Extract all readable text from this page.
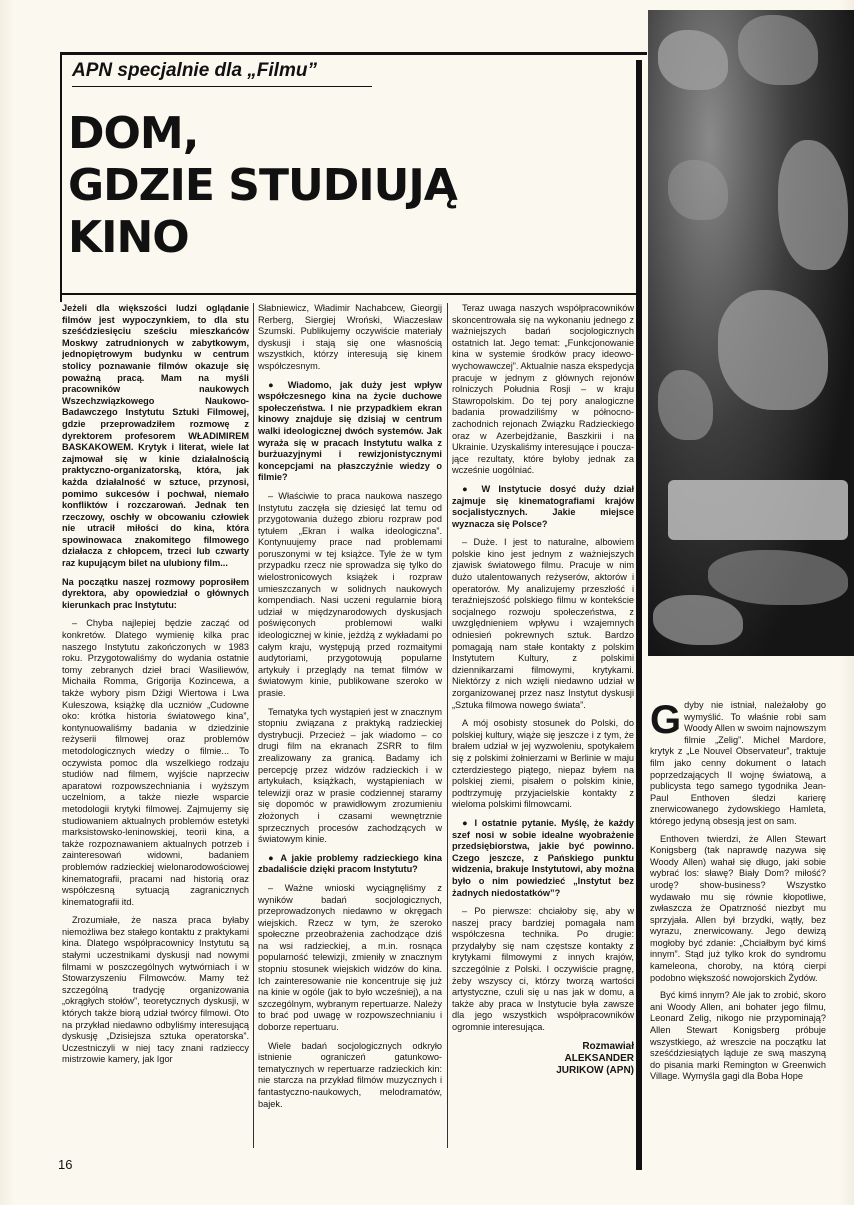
APN specjalnie dla „Filmu”
DOM,
GDZIE STUDIUJĄ
KINO

Jeżeli dla większości ludzi oglądanie filmów jest wypoczynkiem, to dla stu sześćdziesięciu sześciu mieszkańców Moskwy zatrudnionych w zabytkowym, jednopiętrowym budynku w centrum stolicy poznawanie filmów okazuje się poważną pracą. Mam na myśli pracowników naukowych Wszechzwiązkowego Naukowo-Badawczego Instytutu Sztuki Filmowej, gdzie przeprowadziłem rozmowę z dyrektorem profesorem WŁADIMIREM BASKAKOWEM. Krytyk i literat, wiele lat zajmował się w kinie działalnością praktyczno-organizatorską, która, jak każda działalność w sztuce, przynosi, pomimo sukcesów i pochwał, niemało konfliktów i rozczarowań. Jednak ten rzeczowy, oschły w obcowaniu człowiek nie utracił miłości do kina, która spowinowaca znakomitego filmowego działacza z chłopcem, trzeci lub czwarty raz kupującym bilet na ulubiony film...

Na początku naszej rozmowy poprosiłem dyrektora, aby opowiedział o głównych kierunkach prac Instytutu:

– Chyba najlepiej będzie zacząć od konkretów. Dlatego wymienię kilka prac naszego Instytutu zakończonych w 1983 roku. Przygotowaliśmy do wydania ostatnie tomy zebranych dzieł braci Wasiliewów, Michaiła Romma, Grigorija Kozincewa, a także wybory pism Dżigi Wiertowa i Lwa Kuleszowa, książkę dla uczniów „Cudowne oko: krótka historia światowego kina”, kontynuowaliśmy badania w dziedzinie reżyserii filmowej oraz problemów metodologicznych wiedzy o filmie... To oczywista pomoc dla wszelkiego rodzaju studiów nad filmem, wyjście naprzeciw aparatowi rozpowszechniania i wyższym uczelniom, a także niezłe wsparcie metodologii krytyki filmowej. Zajmujemy się studiowaniem aktualnych problemów estetyki marksistowsko-leninowskiej, teorii kina, a także rozpoznawaniem aktualnych potrzeb i zainteresowań widowni, badaniem problemów radzieckiej wielonarodowościowej kinematografii, pracami nad historią oraz współczesną sytuacją zagranicznych kinematografii itd.

Zrozumiałe, że nasza praca byłaby niemożliwa bez stałego kontaktu z praktykami kina. Dlatego współpracownicy Instytutu są stałymi uczestnikami dyskusji nad nowymi filmami w poszczególnych wytwórniach i w Stowarzyszeniu Filmowców. Mamy też szczególną tradycję organizowania „okrągłych stołów”, teoretycznych dyskusji, w których także biorą udział twórcy filmowi. Oto na przykład niedawno odbyliśmy interesującą dyskusję „Dzisiejsza sztuka operatorska”. Uczestniczyli w niej tacy znani radzieccy mistrzowie kamery, jak Igor

Słabniewicz, Władimir Nachabcew, Gieorgij Rerberg, Siergiej Wroński, Wiaczesław Szumski. Publikujemy oczywiście materiały dyskusji i stają się one własnością wszystkich, którzy interesują się kinem współczesnym.

● Wiadomo, jak duży jest wpływ współczesnego kina na życie duchowe społeczeństwa. I nie przypadkiem ekran kinowy znajduje się dzisiaj w centrum walki ideologicznej dwóch systemów. Jak wyraża się w pracach Instytutu walka z burżuazyjnymi i rewizjonistycznymi koncepcjami na płaszczyźnie wiedzy o filmie?

– Właściwie to praca naukowa naszego Instytutu zaczęła się dziesięć lat temu od przygotowania dużego zbioru rozpraw pod tytułem „Ekran i walka ideologiczna”. Kontynuujemy prace nad problemami poruszonymi w tej książce. Tyle że w tym przypadku rzecz nie sprowadza się tylko do wielostronicowych książek i rozpraw umieszczanych w solidnych naukowych kompendiach. Nasi uczeni regularnie biorą udział w międzynarodowych dyskusjach poświęconych problemowi walki ideologicznej w kinie, jeżdżą z wykładami po całym kraju, występują przed rozmaitymi audytoriami, przygotowują popularne artykuły i przeglądy na temat filmów w światowym kinie, publikowane szeroko w prasie.

Tematyka tych wystąpień jest w znacznym stopniu związana z praktyką radzieckiej dystrybucji. Przecież – jak wiadomo – co drugi film na ekranach ZSRR to film zrealizowany za granicą. Badamy ich percepcję przez widzów radzieckich i w artykułach, książkach, wystąpieniach w telewizji oraz w prasie codziennej staramy się dopomóc w prawidłowym zrozumieniu złożonych i czasami wewnętrznie sprzecznych procesów zachodzących w światowym kinie.

● A jakie problemy radzieckiego kina zbadaliście dzięki pracom Instytutu?

– Ważne wnioski wyciągnęliśmy z wyników badań socjologicznych, przeprowadzonych niedawno w okręgach wiejskich. Rzecz w tym, że szeroko społeczne przeobrażenia zachodzące dziś na wsi radzieckiej, a m.in. rosnąca popularność telewizji, zmieniły w znacznym stopniu stosunek wiejskich widzów do kina. Ich zainteresowanie nie koncentruje się już na kinie w ogóle (jak to było wcześniej), a na szczególnym, wybranym repertuarze. Należy to brać pod uwagę w rozpowszechnianiu i doborze repertuaru.

Wiele badań socjologicznych odkryło istnienie ograniczeń gatunkowo-tematycznych w repertuarze radzieckich kin: nie starcza na przykład filmów muzycznych i fantastyczno-naukowych, melodramatów, bajek.

Teraz uwaga naszych współpracowników skoncentrowała się na wykonaniu jednego z ważniejszych badań socjologicznych ostatnich lat. Jego temat: „Funkcjonowanie kina w systemie środków pracy ideowo-wychowawczej”. Aktualnie nasza ekspedycja pracuje w jednym z głównych rejonów rolniczych Południa Rosji – w kraju Stawropolskim. Do tej pory analogiczne badania prowadziliśmy w północno-zachodnich rejonach Związku Radzieckiego oraz w Azerbejdżanie, Baszkirii i na Ukrainie. Uzyskaliśmy interesujące i pouczające rezultaty, które byłoby jednak za wcześnie uogólniać.

● W Instytucie dosyć duży dział zajmuje się kinematografiami krajów socjalistycznych. Jakie miejsce wyznacza się Polsce?

– Duże. I jest to naturalne, albowiem polskie kino jest jednym z ważniejszych zjawisk światowego filmu. Pracuje w nim dużo utalentowanych reżyserów, aktorów i operatorów. My analizujemy przeszłość i teraźniejszość polskiego filmu w kontekście socjalnego rozwoju społeczeństwa, z uwzględnieniem wpływu i wzajemnych odniesień pokrewnych sztuk. Bardzo pomagają nam stałe kontakty z polskim Instytutem Kultury, z polskimi dziennikarzami filmowymi, krytykami. Niektórzy z nich wzięli niedawno udział w zorganizowanej przez nasz Instytut dyskusji „Sztuka filmowa nowego świata”.

A mój osobisty stosunek do Polski, do polskiej kultury, wiąże się jeszcze i z tym, że brałem udział w jej wyzwoleniu, spotykałem się z polskimi żołnierzami w Berlinie w maju czterdziestego piątego, niераz byłem na polskiej ziemi, pisałem o polskim kinie, podtrzymuję przyjacielskie kontakty z wieloma polskimi filmowcami.

● I ostatnie pytanie. Myślę, że każdy szef nosi w sobie idealne wyobrażenie przedsiębiorstwa, jakie być powinno. Czego jeszcze, z Pańskiego punktu widzenia, brakuje Instytutowi, aby można było o nim powiedzieć „Instytut bez żadnych niedostatków”?

– Po pierwsze: chciałoby się, aby w naszej pracy bardziej pomagała nam współczesna technika. Po drugie: przydałyby się nam częstsze kontakty z krytykami filmowymi z innych krajów, szczególnie z Polski. I oczywiście pragnę, żeby wszyscy ci, którzy tworzą wartości artystyczne, czuli się u nas jak w domu, a także aby praca w Instytucie była zawsze dla jego wszystkich współpracowników ogromnie interesująca.

Rozmawiał
ALEKSANDER
JURIKOW (APN)

Gdyby nie istniał, należałoby go wymyślić. To właśnie robi sam Woody Allen w swoim najnowszym filmie „Zelig”. Michel Mardore, krytyk z „Le Nouvel Observateur”, traktuje film jako cenny dokument o latach poprzedzających II wojnę światową, a publicysta tego samego tygodnika Jean-Paul Enthoven śledzi karierę znerwicowanego żydowskiego Hamleta, którego jedyną obsesją jest on sam.

Enthoven twierdzi, że Allen Stewart Konigsberg (tak naprawdę nazywa się Woody Allen) wahał się długo, jaki sobie wybrać los: sławę? Biały Dom? miłość? urodę? show-business? Wszystko wydawało mu się równie kłopotliwe, zwłaszcza że Opatrzność niezbyt mu sprzyjała. Allen był brzydki, wątły, bez wyrazu, znerwicowany. Jego dewizą mogłoby być zdanie: „Chciałbym być kimś innym”. Stąd już tylko krok do syndromu kameleona, choroby, na którą cierpi podobno większość nowojorskich Żydów.

Być kimś innym? Ale jak to zrobić, skoro ani Woody Allen, ani bohater jego filmu, Leonard Zelig, nikogo nie przypominają? Allen Stewart Konigsberg próbuje wszystkiego, aż wreszcie na początku lat sześćdziesiątych ląduje ze swą maszyną do pisania marki Remington w Greenwich Village. Wymyśla gagi dla Boba Hope

16
